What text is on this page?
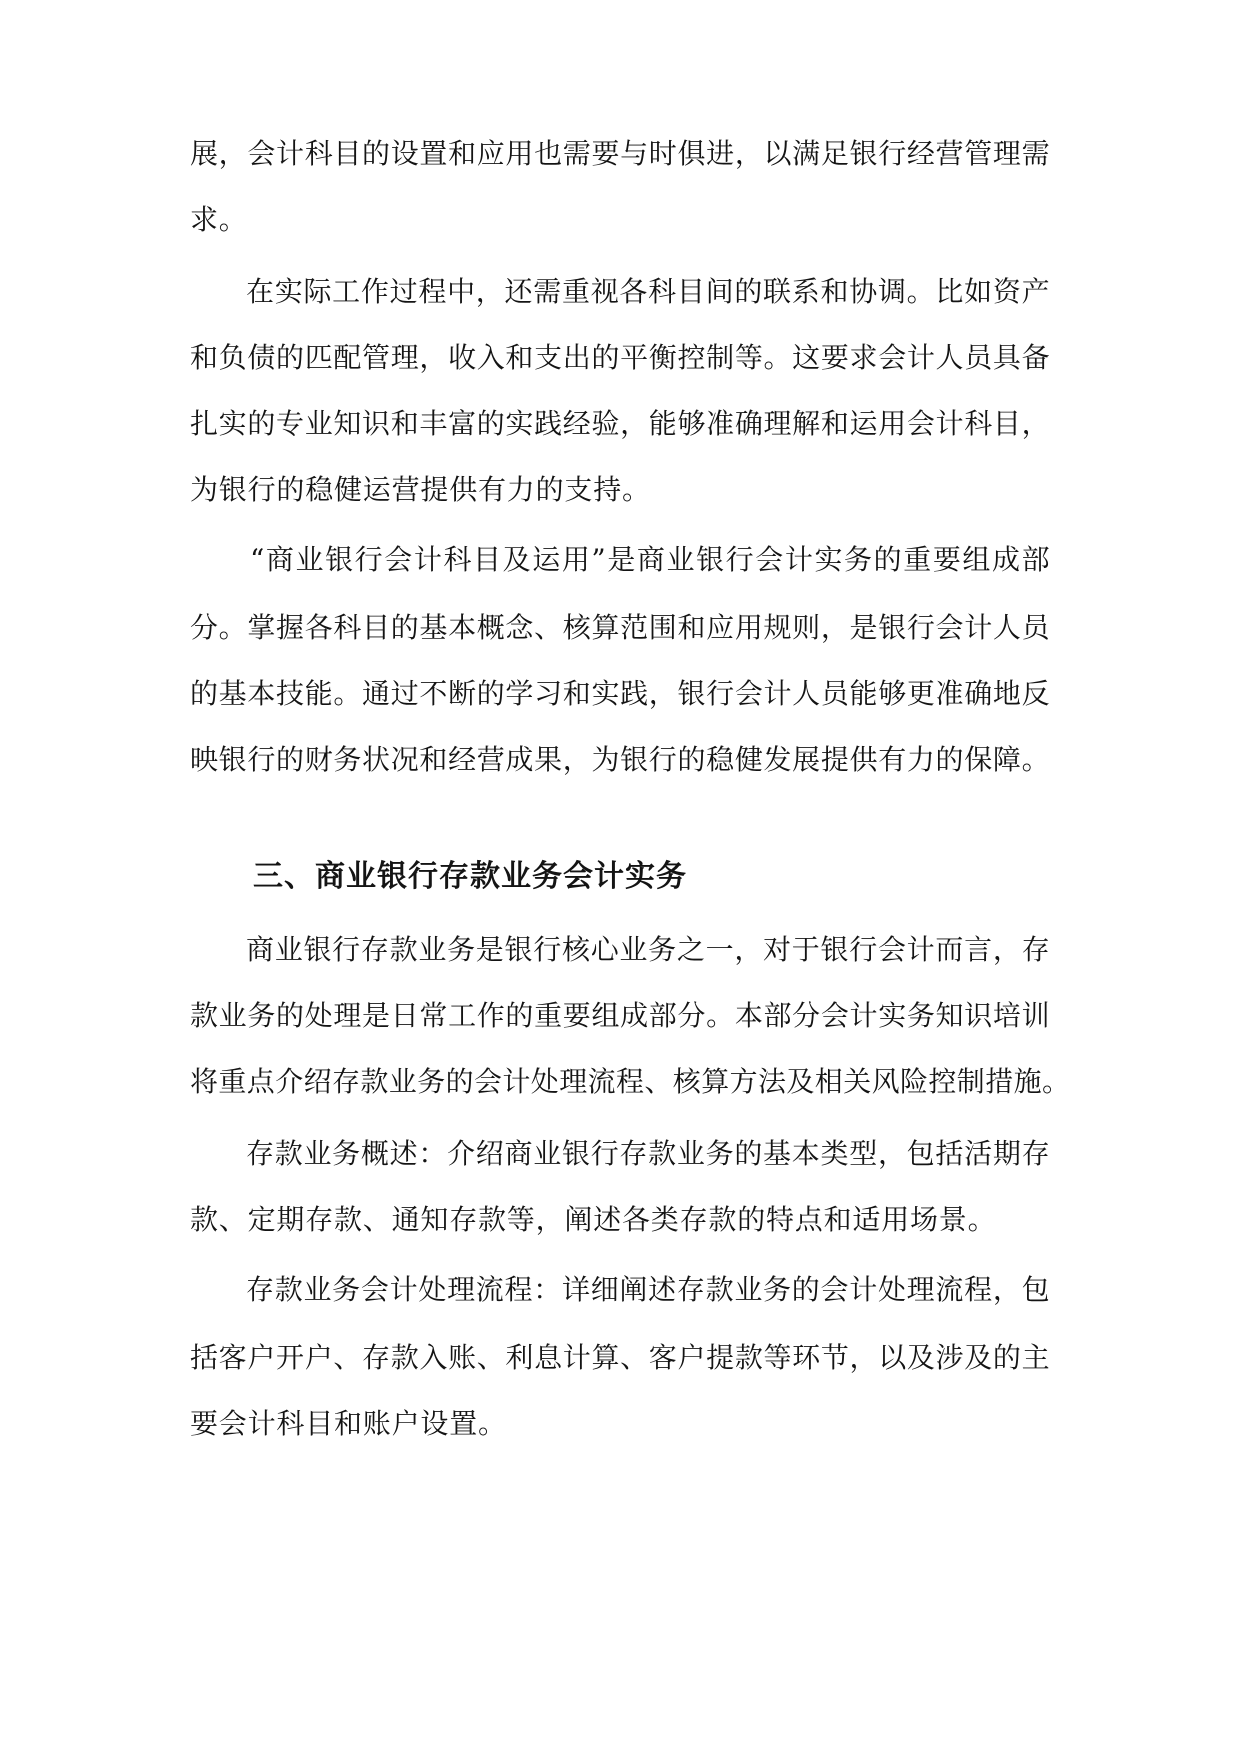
展，会计科目的设置和应用也需要与时俱进，以满足银行经营管理需
求。
在实际工作过程中，还需重视各科目间的联系和协调。比如资产
和负债的匹配管理，收入和支出的平衡控制等。这要求会计人员具备
扎实的专业知识和丰富的实践经验，能够准确理解和运用会计科目，
为银行的稳健运营提供有力的支持。
“商业银行会计科目及运用”是商业银行会计实务的重要组成部
分。掌握各科目的基本概念、核算范围和应用规则，是银行会计人员
的基本技能。通过不断的学习和实践，银行会计人员能够更准确地反
映银行的财务状况和经营成果，为银行的稳健发展提供有力的保障。
三、商业银行存款业务会计实务
商业银行存款业务是银行核心业务之一，对于银行会计而言，存
款业务的处理是日常工作的重要组成部分。本部分会计实务知识培训
将重点介绍存款业务的会计处理流程、核算方法及相关风险控制措施。
存款业务概述：介绍商业银行存款业务的基本类型，包括活期存
款、定期存款、通知存款等，阐述各类存款的特点和适用场景。
存款业务会计处理流程：详细阐述存款业务的会计处理流程，包
括客户开户、存款入账、利息计算、客户提款等环节，以及涉及的主
要会计科目和账户设置。
